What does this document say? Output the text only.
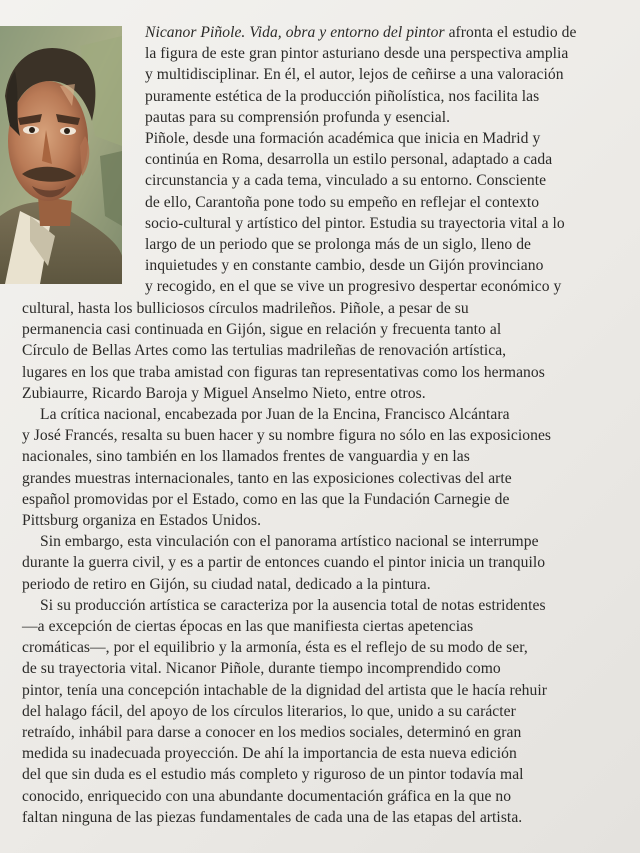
Nicanor Piñole. Vida, obra y entorno del pintor afronta el estudio de
la figura de este gran pintor asturiano desde una perspectiva amplia
y multidisciplinar. En él, el autor, lejos de ceñirse a una valoración
puramente estética de la producción piñolística, nos facilita las
pautas para su comprensión profunda y esencial.
Piñole, desde una formación académica que inicia en Madrid y
continúa en Roma, desarrolla un estilo personal, adaptado a cada
circunstancia y a cada tema, vinculado a su entorno. Consciente
de ello, Carantoña pone todo su empeño en reflejar el contexto
socio-cultural y artístico del pintor. Estudia su trayectoria vital a lo
largo de un periodo que se prolonga más de un siglo, lleno de
inquietudes y en constante cambio, desde un Gijón provinciano
y recogido, en el que se vive un progresivo despertar económico y
cultural, hasta los bulliciosos círculos madrileños. Piñole, a pesar de su
permanencia casi continuada en Gijón, sigue en relación y frecuenta tanto al
Círculo de Bellas Artes como las tertulias madrileñas de renovación artística,
lugares en los que traba amistad con figuras tan representativas como los hermanos
Zubiaurre, Ricardo Baroja y Miguel Anselmo Nieto, entre otros.
La crítica nacional, encabezada por Juan de la Encina, Francisco Alcántara
y José Francés, resalta su buen hacer y su nombre figura no sólo en las exposiciones
nacionales, sino también en los llamados frentes de vanguardia y en las
grandes muestras internacionales, tanto en las exposiciones colectivas del arte
español promovidas por el Estado, como en las que la Fundación Carnegie de
Pittsburg organiza en Estados Unidos.
Sin embargo, esta vinculación con el panorama artístico nacional se interrumpe
durante la guerra civil, y es a partir de entonces cuando el pintor inicia un tranquilo
periodo de retiro en Gijón, su ciudad natal, dedicado a la pintura.
Si su producción artística se caracteriza por la ausencia total de notas estridentes
—a excepción de ciertas épocas en las que manifiesta ciertas apetencias
cromáticas—, por el equilibrio y la armonía, ésta es el reflejo de su modo de ser,
de su trayectoria vital. Nicanor Piñole, durante tiempo incomprendido como
pintor, tenía una concepción intachable de la dignidad del artista que le hacía rehuir
del halago fácil, del apoyo de los círculos literarios, lo que, unido a su carácter
retraído, inhábil para darse a conocer en los medios sociales, determinó en gran
medida su inadecuada proyección. De ahí la importancia de esta nueva edición
del que sin duda es el estudio más completo y riguroso de un pintor todavía mal
conocido, enriquecido con una abundante documentación gráfica en la que no
faltan ninguna de las piezas fundamentales de cada una de las etapas del artista.
